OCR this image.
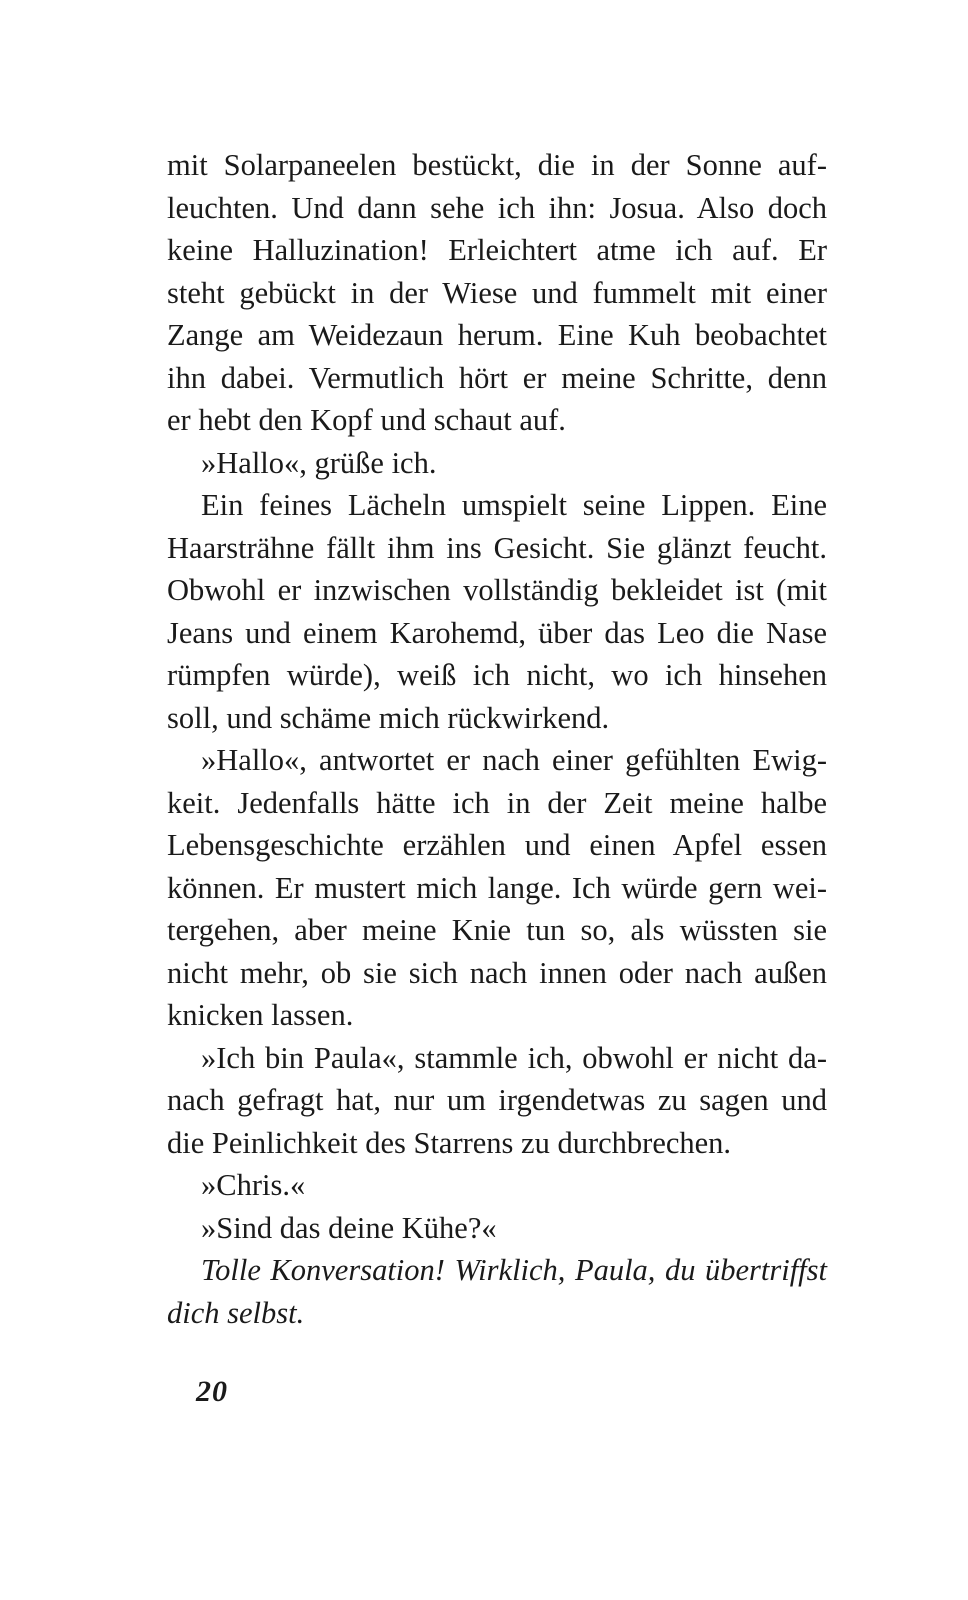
mit Solarpaneelen bestückt, die in der Sonne auf-
leuchten. Und dann sehe ich ihn: Josua. Also doch
keine Halluzination! Erleichtert atme ich auf. Er
steht gebückt in der Wiese und fummelt mit einer
Zange am Weidezaun herum. Eine Kuh beobachtet
ihn dabei. Vermutlich hört er meine Schritte, denn
er hebt den Kopf und schaut auf.
»Hallo«, grüße ich.
Ein feines Lächeln umspielt seine Lippen. Eine
Haarsträhne fällt ihm ins Gesicht. Sie glänzt feucht.
Obwohl er inzwischen vollständig bekleidet ist (mit
Jeans und einem Karohemd, über das Leo die Nase
rümpfen würde), weiß ich nicht, wo ich hinsehen
soll, und schäme mich rückwirkend.
»Hallo«, antwortet er nach einer gefühlten Ewig-
keit. Jedenfalls hätte ich in der Zeit meine halbe
Lebensgeschichte erzählen und einen Apfel essen
können. Er mustert mich lange. Ich würde gern wei-
tergehen, aber meine Knie tun so, als wüssten sie
nicht mehr, ob sie sich nach innen oder nach außen
knicken lassen.
»Ich bin Paula«, stammle ich, obwohl er nicht da-
nach gefragt hat, nur um irgendetwas zu sagen und
die Peinlichkeit des Starrens zu durchbrechen.
»Chris.«
»Sind das deine Kühe?«
Tolle Konversation! Wirklich, Paula, du übertriffst
dich selbst.
20
